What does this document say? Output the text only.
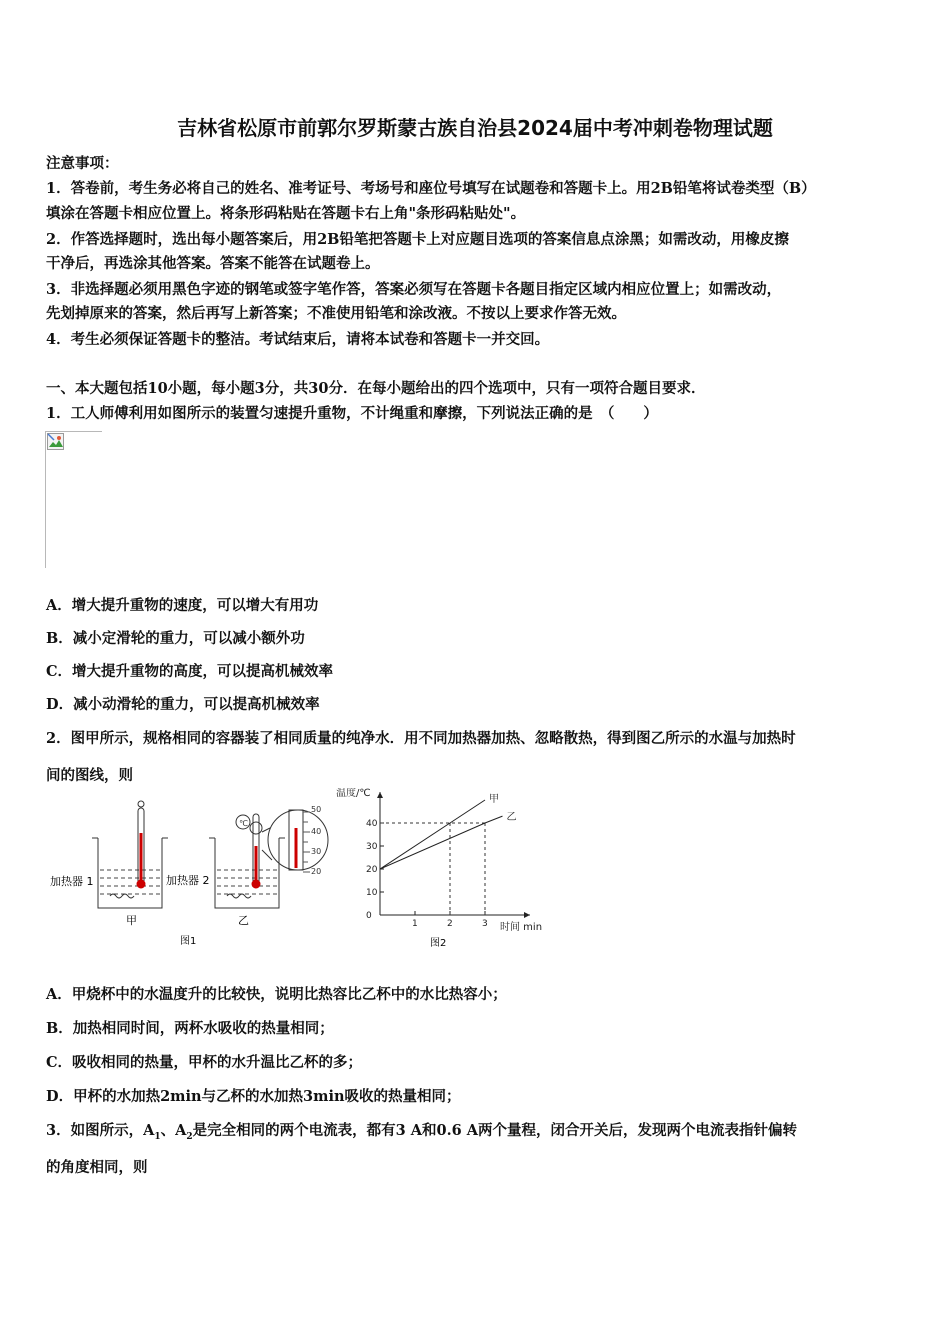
吉林省松原市前郭尔罗斯蒙古族自治县2024届中考冲刺卷物理试题
注意事项：
1．答卷前，考生务必将自己的姓名、准考证号、考场号和座位号填写在试题卷和答题卡上。用2B铅笔将试卷类型（B）
填涂在答题卡相应位置上。将条形码粘贴在答题卡右上角"条形码粘贴处"。
2．作答选择题时，选出每小题答案后，用2B铅笔把答题卡上对应题目选项的答案信息点涂黑；如需改动，用橡皮擦
干净后，再选涂其他答案。答案不能答在试题卷上。
3．非选择题必须用黑色字迹的钢笔或签字笔作答，答案必须写在答题卡各题目指定区域内相应位置上；如需改动，
先划掉原来的答案，然后再写上新答案；不准使用铅笔和涂改液。不按以上要求作答无效。
4．考生必须保证答题卡的整洁。考试结束后，请将本试卷和答题卡一并交回。
一、本大题包括10小题，每小题3分，共30分．在每小题给出的四个选项中，只有一项符合题目要求．
1．工人师傅利用如图所示的装置匀速提升重物，不计绳重和摩擦，下列说法正确的是　（　　）
A．增大提升重物的速度，可以增大有用功
B．减小定滑轮的重力，可以减小额外功
C．增大提升重物的高度，可以提高机械效率
D．减小动滑轮的重力，可以提高机械效率
2．图甲所示，规格相同的容器装了相同质量的纯净水．用不同加热器加热、忽略散热，得到图乙所示的水温与加热时
间的图线，则
加热器 1
甲
℃
50
40
30
20
加热器 2
乙
图1
0
10
20
30
40
1	2	3
温度/℃
时间 min
甲
乙
图2
A．甲烧杯中的水温度升的比较快，说明比热容比乙杯中的水比热容小；
B．加热相同时间，两杯水吸收的热量相同；
C．吸收相同的热量，甲杯的水升温比乙杯的多；
D．甲杯的水加热2min与乙杯的水加热3min吸收的热量相同；
3．如图所示，$A_1$、$A_2$是完全相同的两个电流表，都有3 A和0.6 A两个量程，闭合开关后，发现两个电流表指针偏转
的角度相同，则
